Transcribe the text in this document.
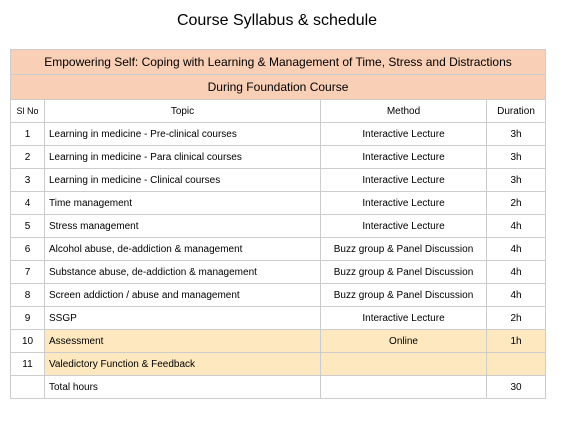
Course Syllabus & schedule
Empowering Self: Coping with Learning & Management of Time, Stress and Distractions			
During Foundation Course			
Sl No	Topic	Method	Duration
1	Learning in medicine - Pre-clinical courses	Interactive Lecture	3h
2	Learning in medicine - Para clinical courses	Interactive Lecture	3h
3	Learning in medicine - Clinical courses	Interactive Lecture	3h
4	Time management	Interactive Lecture	2h
5	Stress management	Interactive Lecture	4h
6	Alcohol abuse, de-addiction & management	Buzz group & Panel Discussion	4h
7	Substance abuse, de-addiction & management	Buzz group & Panel Discussion	4h
8	Screen addiction / abuse and management	Buzz group & Panel Discussion	4h
9	SSGP	Interactive Lecture	2h
10	Assessment	Online	1h
11	Valedictory Function & Feedback		
	Total hours		30
